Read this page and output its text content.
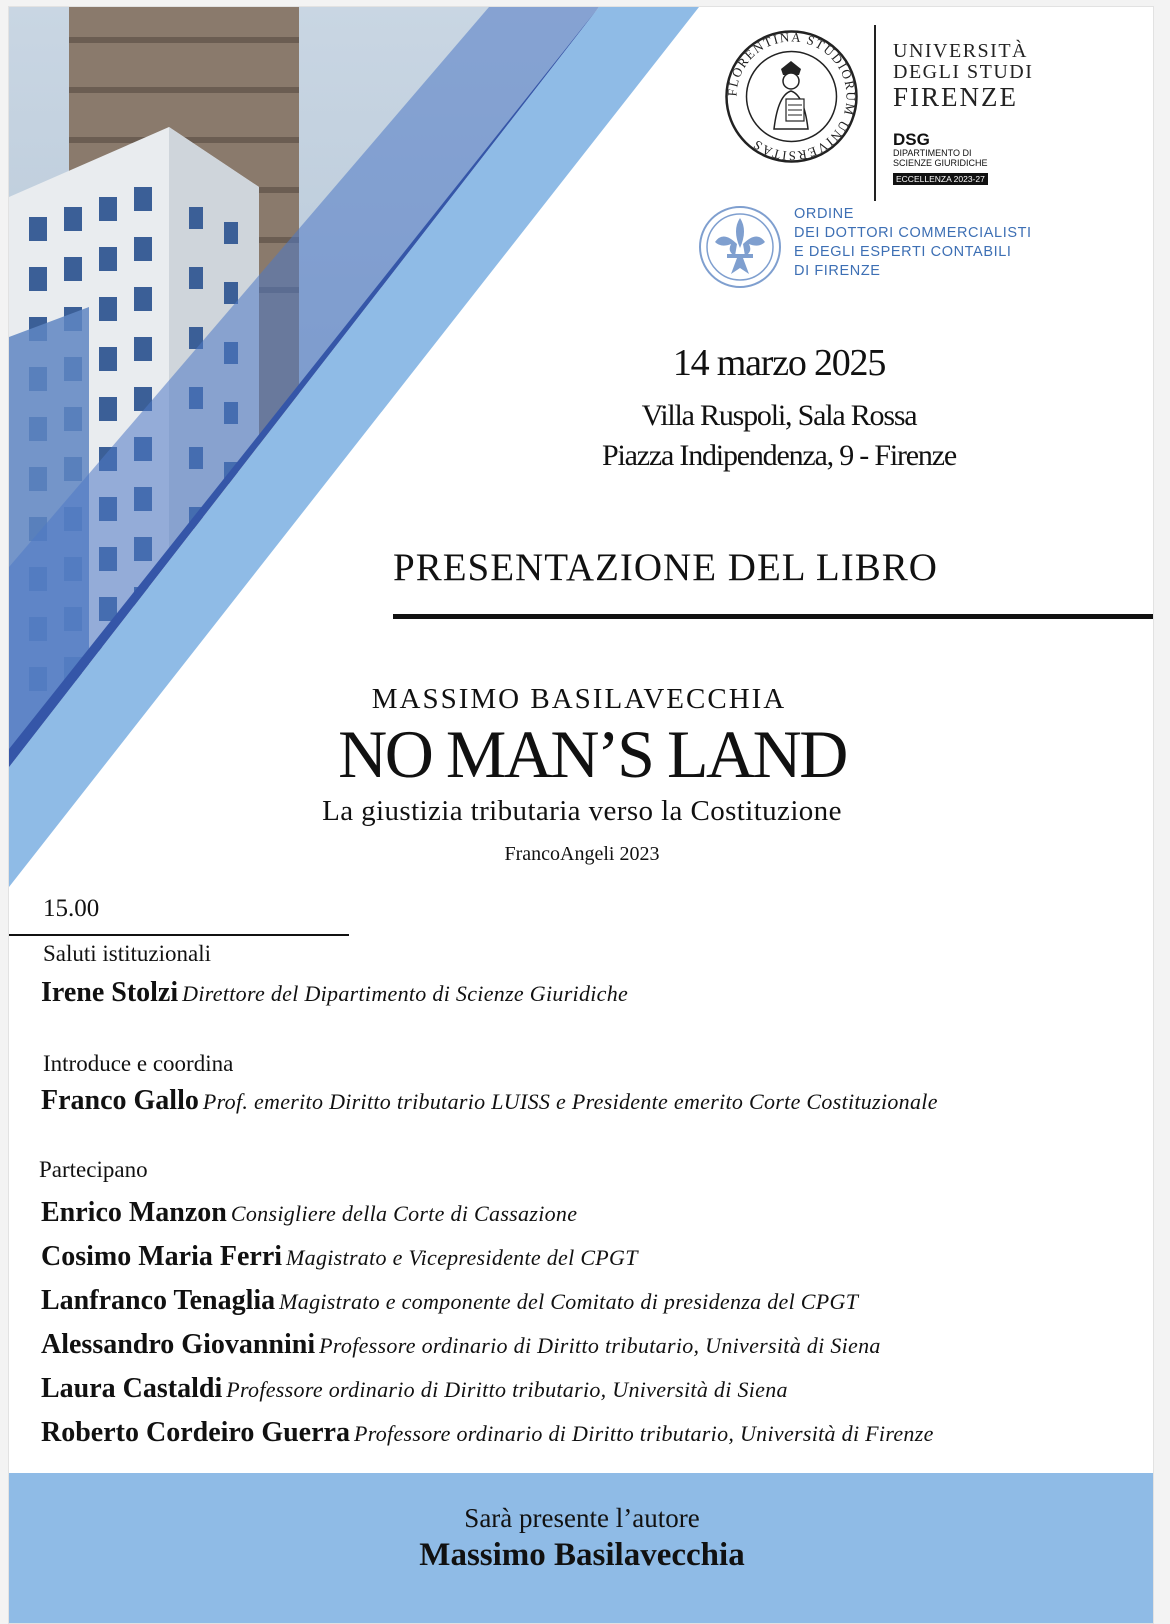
FLORENTINA STUDIORUM UNIVERSITAS
UNIVERSITÀ
DEGLI STUDI
FIRENZE
DSG
DIPARTIMENTO DI
SCIENZE GIURIDICHE
ECCELLENZA 2023-27
ORDINE
DEI DOTTORI COMMERCIALISTI
E DEGLI ESPERTI CONTABILI
DI FIRENZE
14 marzo 2025
Villa Ruspoli, Sala Rossa
Piazza Indipendenza, 9 - Firenze
PRESENTAZIONE DEL LIBRO
MASSIMO BASILAVECCHIA
NO MAN’S LAND
La giustizia tributaria verso la Costituzione
FrancoAngeli 2023
15.00
Saluti istituzionali
Irene Stolzi Direttore del Dipartimento di Scienze Giuridiche
Introduce e coordina
Franco Gallo Prof. emerito Diritto tributario LUISS e Presidente emerito Corte Costituzionale
Partecipano
Enrico Manzon Consigliere della Corte di Cassazione
Cosimo Maria Ferri Magistrato e Vicepresidente del CPGT
Lanfranco Tenaglia Magistrato e componente del Comitato di presidenza del CPGT
Alessandro Giovannini Professore ordinario di Diritto tributario, Università di Siena
Laura Castaldi Professore ordinario di Diritto tributario, Università di Siena
Roberto Cordeiro Guerra Professore ordinario di Diritto tributario, Università di Firenze
Sarà presente l’autore
Massimo Basilavecchia
